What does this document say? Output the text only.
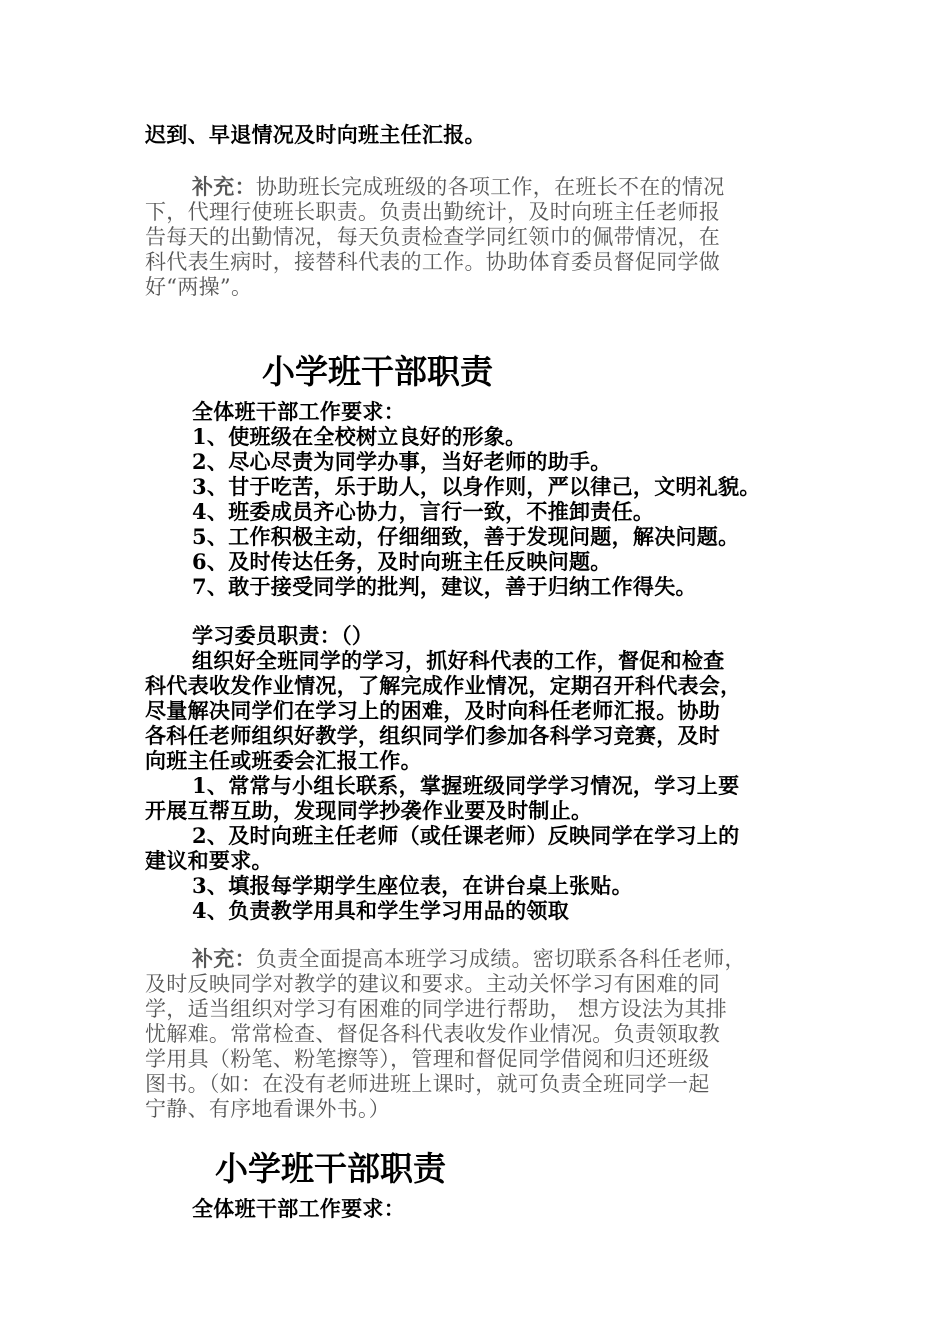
迟到、早退情况及时向班主任汇报。
补充：协助班长完成班级的各项工作，在班长不在的情况
下，代理行使班长职责。负责出勤统计，及时向班主任老师报
告每天的出勤情况，每天负责检查学同红领巾的佩带情况，在
科代表生病时，接替科代表的工作。协助体育委员督促同学做
好“两操”。
小学班干部职责
全体班干部工作要求：
1、使班级在全校树立良好的形象。
2、尽心尽责为同学办事，当好老师的助手。
3、甘于吃苦，乐于助人，以身作则，严以律己，文明礼貌。
4、班委成员齐心协力，言行一致，不推卸责任。
5、工作积极主动，仔细细致，善于发现问题，解决问题。
6、及时传达任务，及时向班主任反映问题。
7、敢于接受同学的批判，建议，善于归纳工作得失。
学习委员职责：（）
组织好全班同学的学习，抓好科代表的工作，督促和检查
科代表收发作业情况，了解完成作业情况，定期召开科代表会，
尽量解决同学们在学习上的困难，及时向科任老师汇报。协助
各科任老师组织好教学，组织同学们参加各科学习竞赛，及时
向班主任或班委会汇报工作。
1、常常与小组长联系，掌握班级同学学习情况，学习上要
开展互帮互助，发现同学抄袭作业要及时制止。
2、及时向班主任老师（或任课老师）反映同学在学习上的
建议和要求。
3、填报每学期学生座位表，在讲台桌上张贴。
4、负责教学用具和学生学习用品的领取
补充：负责全面提高本班学习成绩。密切联系各科任老师，
及时反映同学对教学的建议和要求。主动关怀学习有困难的同
学，适当组织对学习有困难的同学进行帮助， 想方设法为其排
忧解难。常常检查、督促各科代表收发作业情况。负责领取教
学用具（粉笔、粉笔擦等），管理和督促同学借阅和归还班级
图书。（如：在没有老师进班上课时，就可负责全班同学一起
宁静、有序地看课外书。）
小学班干部职责
全体班干部工作要求：
